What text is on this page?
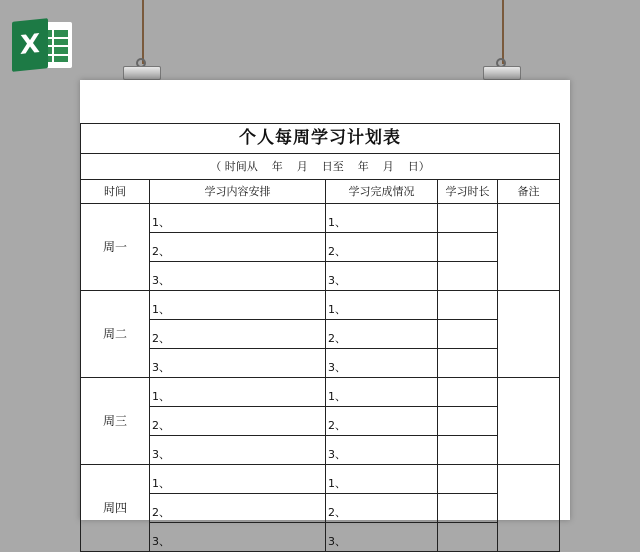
X
个人每周学习计划表				
（ 时间从    年    月    日至    年    月    日）				
时间	学习内容安排	学习完成情况	学习时长	备注
周一	1、	1、		
	2、	2、		
	3、	3、		
周二	1、	1、		
	2、	2、		
	3、	3、		
周三	1、	1、		
	2、	2、		
	3、	3、		
周四	1、	1、		
	2、	2、		
	3、	3、		
